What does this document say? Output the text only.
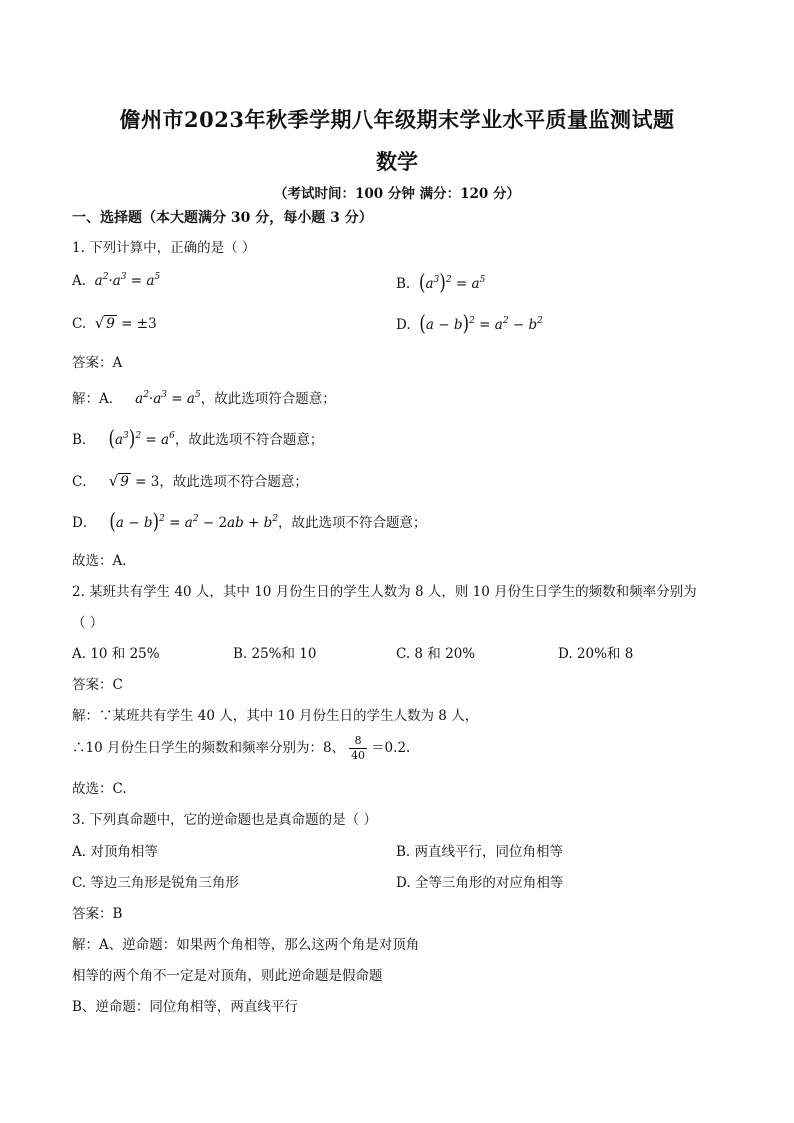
儋州市2023年秋季学期八年级期末学业水平质量监测试题
数学
（考试时间：100 分钟 满分：120 分）
一、选择题（本大题满分 30 分，每小题 3 分）
1. 下列计算中，正确的是（ ）
A.  $a^2\cdot a^3 = a^5$	B. $(a^3)^2 = a^5$
C. √ 9 = ±3	D. $(a - b)^2 = a^2 - b^2$
答案：A
解：A．   $a^2\cdot a^3 = a^5$，故此选项符合题意；
B． $(a^3)^2 = a^6$，故此选项不符合题意；
C． √ 9 = 3，故此选项不符合题意；
D． $(a - b)^2 = a^2 - 2ab + b^2$，故此选项不符合题意；
故选：A．
2. 某班共有学生 40 人，其中 10 月份生日的学生人数为 8 人，则 10 月份生日学生的频数和频率分别为
（ ）
A. 10 和 25%	B. 25%和 10	C. 8 和 20%	D. 20%和 8
答案：C
解：∵某班共有学生 40 人，其中 10 月份生日的学生人数为 8 人，
∴10 月份生日学生的频数和频率分别为：8、 $\frac{8}{40} =0.2$.
故选：C.
3. 下列真命题中，它的逆命题也是真命题的是（ ）
A. 对顶角相等	B. 两直线平行，同位角相等
C. 等边三角形是锐角三角形	D. 全等三角形的对应角相等
答案：B
解：A、逆命题：如果两个角相等，那么这两个角是对顶角
相等的两个角不一定是对顶角，则此逆命题是假命题
B、逆命题：同位角相等，两直线平行
